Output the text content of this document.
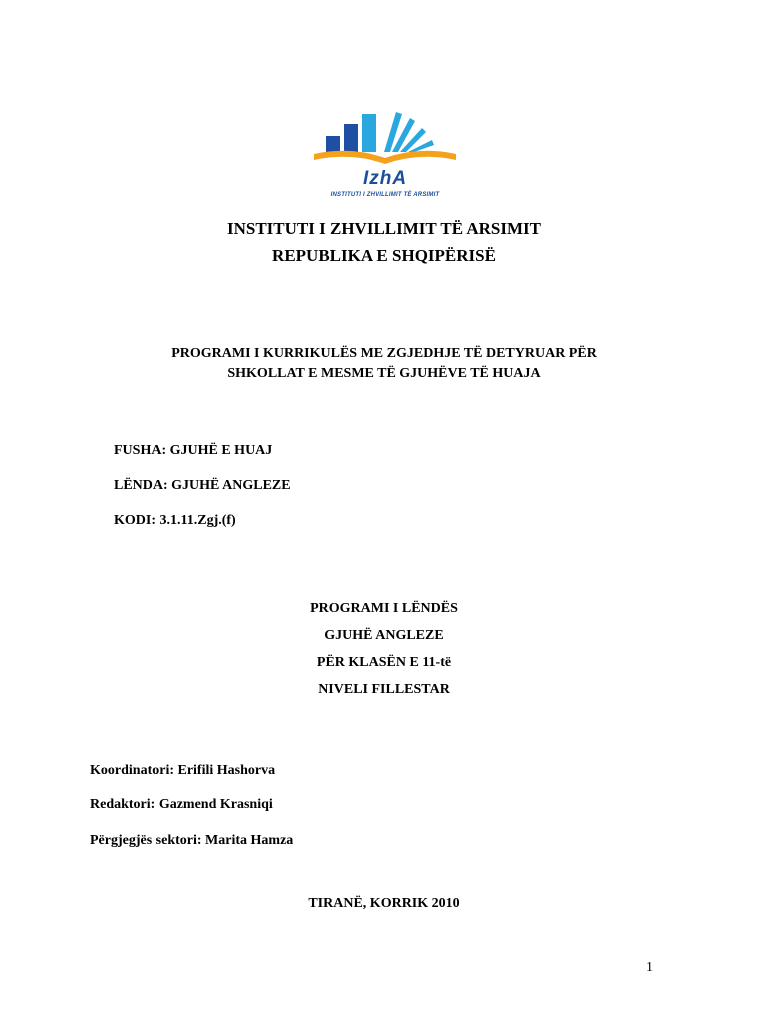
IzhA
INSTITUTI I ZHVILLIMIT TË ARSIMIT
INSTITUTI I ZHVILLIMIT TË ARSIMIT
REPUBLIKA E SHQIPËRISË
PROGRAMI I KURRIKULËS ME ZGJEDHJE TË DETYRUAR PËR
SHKOLLAT E MESME TË GJUHËVE TË HUAJA
FUSHA: GJUHË E HUAJ
LËNDA: GJUHË ANGLEZE
KODI: 3.1.11.Zgj.(f)
PROGRAMI I LËNDËS
GJUHË ANGLEZE
PËR KLASËN E 11-të
NIVELI FILLESTAR
Koordinatori: Erifili Hashorva
Redaktori: Gazmend Krasniqi
Përgjegjës sektori: Marita Hamza
TIRANË, KORRIK 2010
1
